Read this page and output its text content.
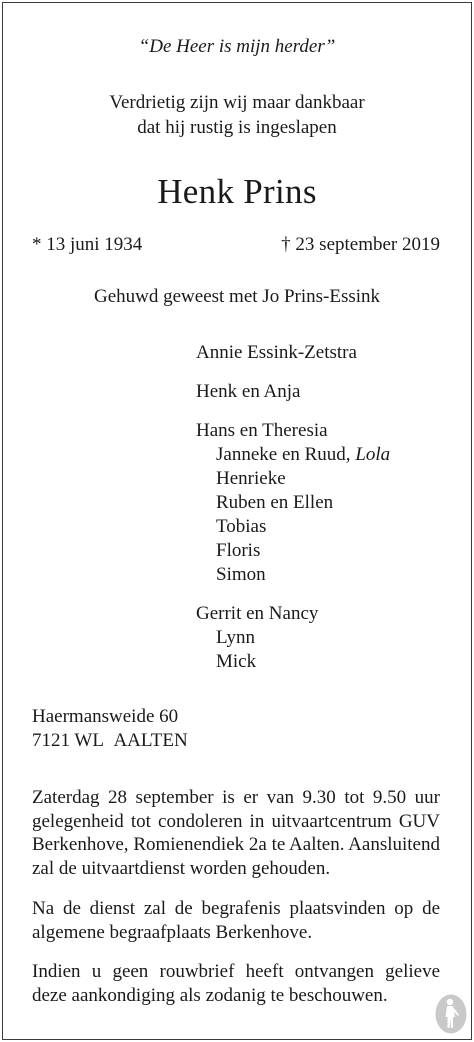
“De Heer is mijn herder”
Verdrietig zijn wij maar dankbaar
dat hij rustig is ingeslapen
Henk Prins
* 13 juni 1934	† 23 september 2019
Gehuwd geweest met Jo Prins-Essink
Annie Essink-Zetstra
Henk en Anja
Hans en Theresia
Janneke en Ruud, Lola
Henrieke
Ruben en Ellen
Tobias
Floris
Simon
Gerrit en Nancy
Lynn
Mick
Haermansweide 60
7121 WL AALTEN

Zaterdag 28 september is er van 9.30 tot 9.50 uur gelegenheid tot condoleren in uitvaartcentrum GUV Berkenhove, Romienendiek 2a te Aalten. Aansluitend zal de uitvaartdienst worden gehouden.

Na de dienst zal de begrafenis plaatsvinden op de algemene begraafplaats Berkenhove.

Indien u geen rouwbrief heeft ontvangen gelieve deze aankondiging als zodanig te beschouwen.
